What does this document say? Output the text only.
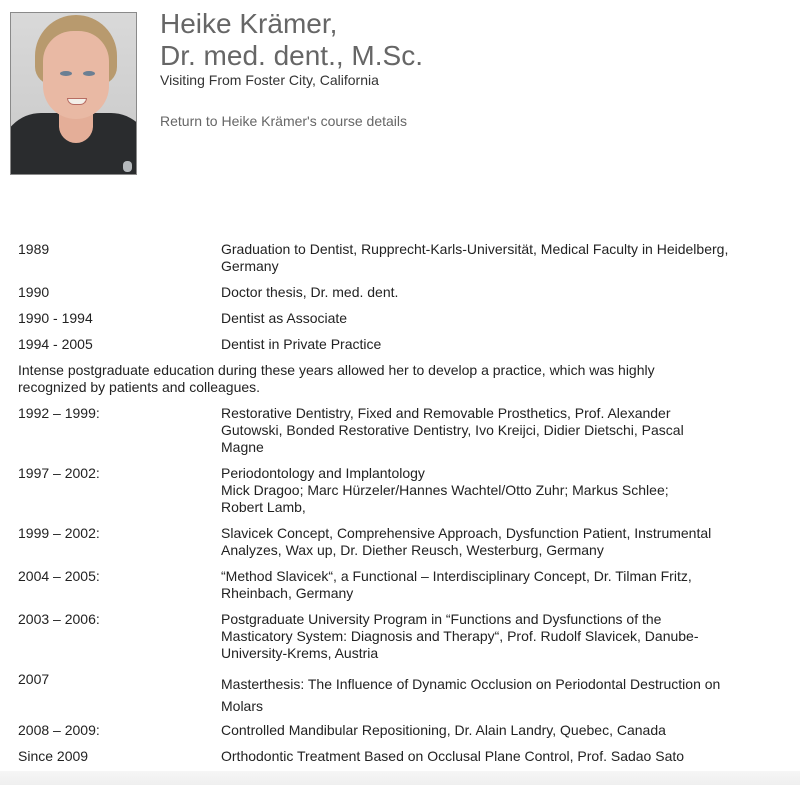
Heike Krämer,
Dr. med. dent., M.Sc.
Visiting From Foster City, California
Return to Heike Krämer's course details
1989	Graduation to Dentist, Rupprecht-Karls-Universität, Medical Faculty in Heidelberg, Germany
1990	Doctor thesis, Dr. med. dent.
1990 - 1994	Dentist as Associate
1994 - 2005	Dentist in Private Practice
Intense postgraduate education during these years allowed her to develop a practice, which was highly recognized by patients and colleagues.
1992 – 1999:	Restorative Dentistry, Fixed and Removable Prosthetics, Prof. Alexander Gutowski, Bonded Restorative Dentistry, Ivo Kreijci, Didier Dietschi, Pascal Magne
1997 – 2002:	Periodontology and Implantology
Mick Dragoo; Marc Hürzeler/Hannes Wachtel/Otto Zuhr; Markus Schlee; Robert Lamb,
1999 – 2002:	Slavicek Concept, Comprehensive Approach, Dysfunction Patient, Instrumental Analyzes, Wax up, Dr. Diether Reusch, Westerburg, Germany
2004 – 2005:	“Method Slavicek“, a Functional – Interdisciplinary Concept, Dr. Tilman Fritz, Rheinbach, Germany
2003 – 2006:	Postgraduate University Program in “Functions and Dysfunctions of the Masticatory System: Diagnosis and Therapy“, Prof. Rudolf Slavicek, Danube-University-Krems, Austria
2007	Masterthesis: The Influence of Dynamic Occlusion on Periodontal Destruction on Molars
2008 – 2009:	Controlled Mandibular Repositioning, Dr. Alain Landry, Quebec, Canada
Since 2009	Orthodontic Treatment Based on Occlusal Plane Control, Prof. Sadao Sato
